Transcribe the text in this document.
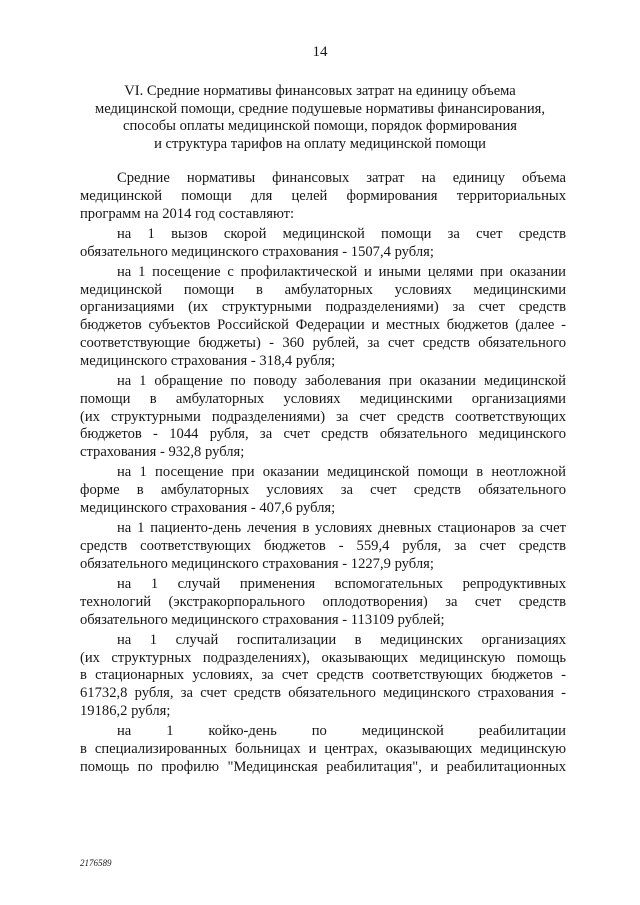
14
VI. Средние нормативы финансовых затрат на единицу объема
медицинской помощи, средние подушевые нормативы финансирования,
способы оплаты медицинской помощи, порядок формирования
и структура тарифов на оплату медицинской помощи
Средние нормативы финансовых затрат на единицу объема
медицинской помощи для целей формирования территориальных
программ на 2014 год составляют:
на 1 вызов скорой медицинской помощи за счет средств
обязательного медицинского страхования - 1507,4 рубля;
на 1 посещение с профилактической и иными целями при оказании
медицинской помощи в амбулаторных условиях медицинскими
организациями (их структурными подразделениями) за счет средств
бюджетов субъектов Российской Федерации и местных бюджетов (далее -
соответствующие бюджеты) - 360 рублей, за счет средств обязательного
медицинского страхования - 318,4 рубля;
на 1 обращение по поводу заболевания при оказании медицинской
помощи в амбулаторных условиях медицинскими организациями
(их структурными подразделениями) за счет средств соответствующих
бюджетов - 1044 рубля, за счет средств обязательного медицинского
страхования - 932,8 рубля;
на 1 посещение при оказании медицинской помощи в неотложной
форме в амбулаторных условиях за счет средств обязательного
медицинского страхования - 407,6 рубля;
на 1 пациенто-день лечения в условиях дневных стационаров за счет
средств соответствующих бюджетов - 559,4 рубля, за счет средств
обязательного медицинского страхования - 1227,9 рубля;
на 1 случай применения вспомогательных репродуктивных
технологий (экстракорпорального оплодотворения) за счет средств
обязательного медицинского страхования - 113109 рублей;
на 1 случай госпитализации в медицинских организациях
(их структурных подразделениях), оказывающих медицинскую помощь
в стационарных условиях, за счет средств соответствующих бюджетов -
61732,8 рубля, за счет средств обязательного медицинского страхования -
19186,2 рубля;
на 1 койко-день по медицинской реабилитации
в специализированных больницах и центрах, оказывающих медицинскую
помощь по профилю "Медицинская реабилитация", и реабилитационных
2176589
